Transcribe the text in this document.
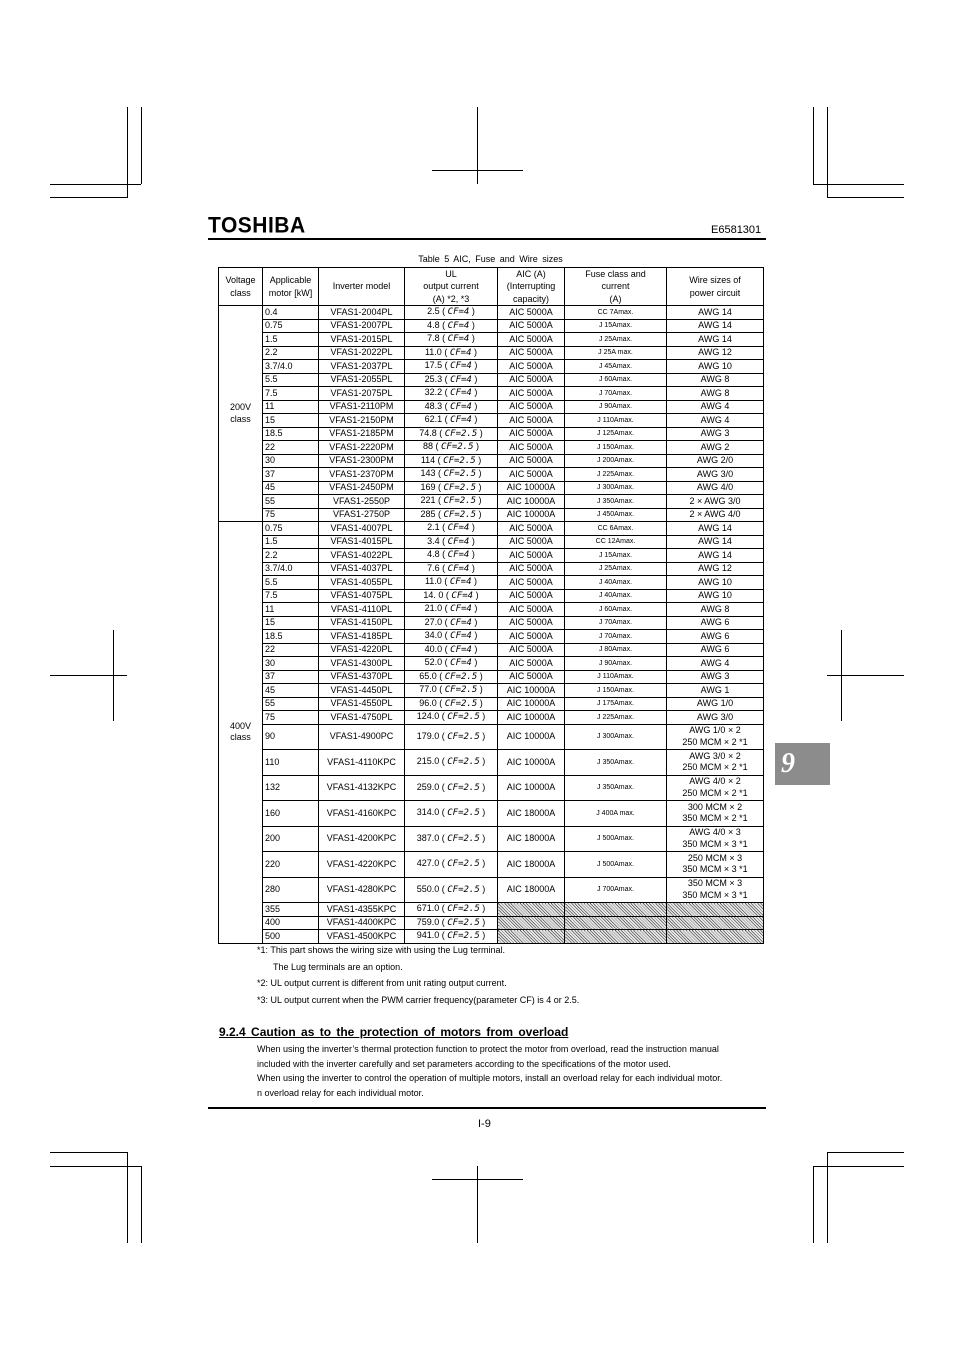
TOSHIBA	E6581301
9
Table 5 AIC, Fuse and Wire sizes
Voltage
class	Applicable
motor [kW]	Inverter model	UL
output current
(A) *2, *3	AIC (A)
(Interrupting
capacity)	Fuse class and
current
(A)	Wire sizes of
power circuit
200V
class	0.4	VFAS1-2004PL	2.5 ( CF=4 )	AIC 5000A	CC 7Amax.	AWG 14
	0.75	VFAS1-2007PL	4.8 ( CF=4 )	AIC 5000A	J 15Amax.	AWG 14
	1.5	VFAS1-2015PL	7.8 ( CF=4 )	AIC 5000A	J 25Amax.	AWG 14
	2.2	VFAS1-2022PL	11.0 ( CF=4 )	AIC 5000A	J 25A max.	AWG 12
	3.7/4.0	VFAS1-2037PL	17.5 ( CF=4 )	AIC 5000A	J 45Amax.	AWG 10
	5.5	VFAS1-2055PL	25.3 ( CF=4 )	AIC 5000A	J 60Amax.	AWG 8
	7.5	VFAS1-2075PL	32.2 ( CF=4 )	AIC 5000A	J 70Amax.	AWG 8
	11	VFAS1-2110PM	48.3 ( CF=4 )	AIC 5000A	J 90Amax.	AWG 4
	15	VFAS1-2150PM	62.1 ( CF=4 )	AIC 5000A	J 110Amax.	AWG 4
	18.5	VFAS1-2185PM	74.8 ( CF=2.5 )	AIC 5000A	J 125Amax.	AWG 3
	22	VFAS1-2220PM	88 ( CF=2.5 )	AIC 5000A	J 150Amax.	AWG 2
	30	VFAS1-2300PM	114 ( CF=2.5 )	AIC 5000A	J 200Amax.	AWG 2/0
	37	VFAS1-2370PM	143 ( CF=2.5 )	AIC 5000A	J 225Amax.	AWG 3/0
	45	VFAS1-2450PM	169 ( CF=2.5 )	AIC 10000A	J 300Amax.	AWG 4/0
	55	VFAS1-2550P	221 ( CF=2.5 )	AIC 10000A	J 350Amax.	2 × AWG 3/0
	75	VFAS1-2750P	285 ( CF=2.5 )	AIC 10000A	J 450Amax.	2 × AWG 4/0
400V
class	0.75	VFAS1-4007PL	2.1 ( CF=4 )	AIC 5000A	CC 6Amax.	AWG 14
	1.5	VFAS1-4015PL	3.4 ( CF=4 )	AIC 5000A	CC 12Amax.	AWG 14
	2.2	VFAS1-4022PL	4.8 ( CF=4 )	AIC 5000A	J 15Amax.	AWG 14
	3.7/4.0	VFAS1-4037PL	7.6 ( CF=4 )	AIC 5000A	J 25Amax.	AWG 12
	5.5	VFAS1-4055PL	11.0 ( CF=4 )	AIC 5000A	J 40Amax.	AWG 10
	7.5	VFAS1-4075PL	14. 0 ( CF=4 )	AIC 5000A	J 40Amax.	AWG 10
	11	VFAS1-4110PL	21.0 ( CF=4 )	AIC 5000A	J 60Amax.	AWG 8
	15	VFAS1-4150PL	27.0 ( CF=4 )	AIC 5000A	J 70Amax.	AWG 6
	18.5	VFAS1-4185PL	34.0 ( CF=4 )	AIC 5000A	J 70Amax.	AWG 6
	22	VFAS1-4220PL	40.0 ( CF=4 )	AIC 5000A	J 80Amax.	AWG 6
	30	VFAS1-4300PL	52.0 ( CF=4 )	AIC 5000A	J 90Amax.	AWG 4
	37	VFAS1-4370PL	65.0 ( CF=2.5 )	AIC 5000A	J 110Amax.	AWG 3
	45	VFAS1-4450PL	77.0 ( CF=2.5 )	AIC 10000A	J 150Amax.	AWG 1
	55	VFAS1-4550PL	96.0 ( CF=2.5 )	AIC 10000A	J 175Amax.	AWG 1/0
	75	VFAS1-4750PL	124.0 ( CF=2.5 )	AIC 10000A	J 225Amax.	AWG 3/0
	90	VFAS1-4900PC	179.0 ( CF=2.5 )	AIC 10000A	J 300Amax.	AWG 1/0 × 2
250 MCM × 2 *1
	110	VFAS1-4110KPC	215.0 ( CF=2.5 )	AIC 10000A	J 350Amax.	AWG 3/0 × 2
250 MCM × 2 *1
	132	VFAS1-4132KPC	259.0 ( CF=2.5 )	AIC 10000A	J 350Amax.	AWG 4/0 × 2
250 MCM × 2 *1
	160	VFAS1-4160KPC	314.0 ( CF=2.5 )	AIC 18000A	J 400A max.	300 MCM × 2
350 MCM × 2 *1
	200	VFAS1-4200KPC	387.0 ( CF=2.5 )	AIC 18000A	J 500Amax.	AWG 4/0 × 3
350 MCM × 3 *1
	220	VFAS1-4220KPC	427.0 ( CF=2.5 )	AIC 18000A	J 500Amax.	250 MCM × 3
350 MCM × 3 *1
	280	VFAS1-4280KPC	550.0 ( CF=2.5 )	AIC 18000A	J 700Amax.	350 MCM × 3
350 MCM × 3 *1
	355	VFAS1-4355KPC	671.0 ( CF=2.5 )			
	400	VFAS1-4400KPC	759.0 ( CF=2.5 )			
	500	VFAS1-4500KPC	941.0 ( CF=2.5 )			
*1: This part shows the wiring size with using the Lug terminal.
The Lug terminals are an option.
*2: UL output current is different from unit rating output current.
*3: UL output current when the PWM carrier frequency(parameter CF) is 4 or 2.5.
9.2.4 Caution as to the protection of motors from overload
When using the inverter’s thermal protection function to protect the motor from overload, read the instruction manual
included with the inverter carefully and set parameters according to the specifications of the motor used.
When using the inverter to control the operation of multiple motors, install an overload relay for each individual motor.
n overload relay for each individual motor.
I-9
